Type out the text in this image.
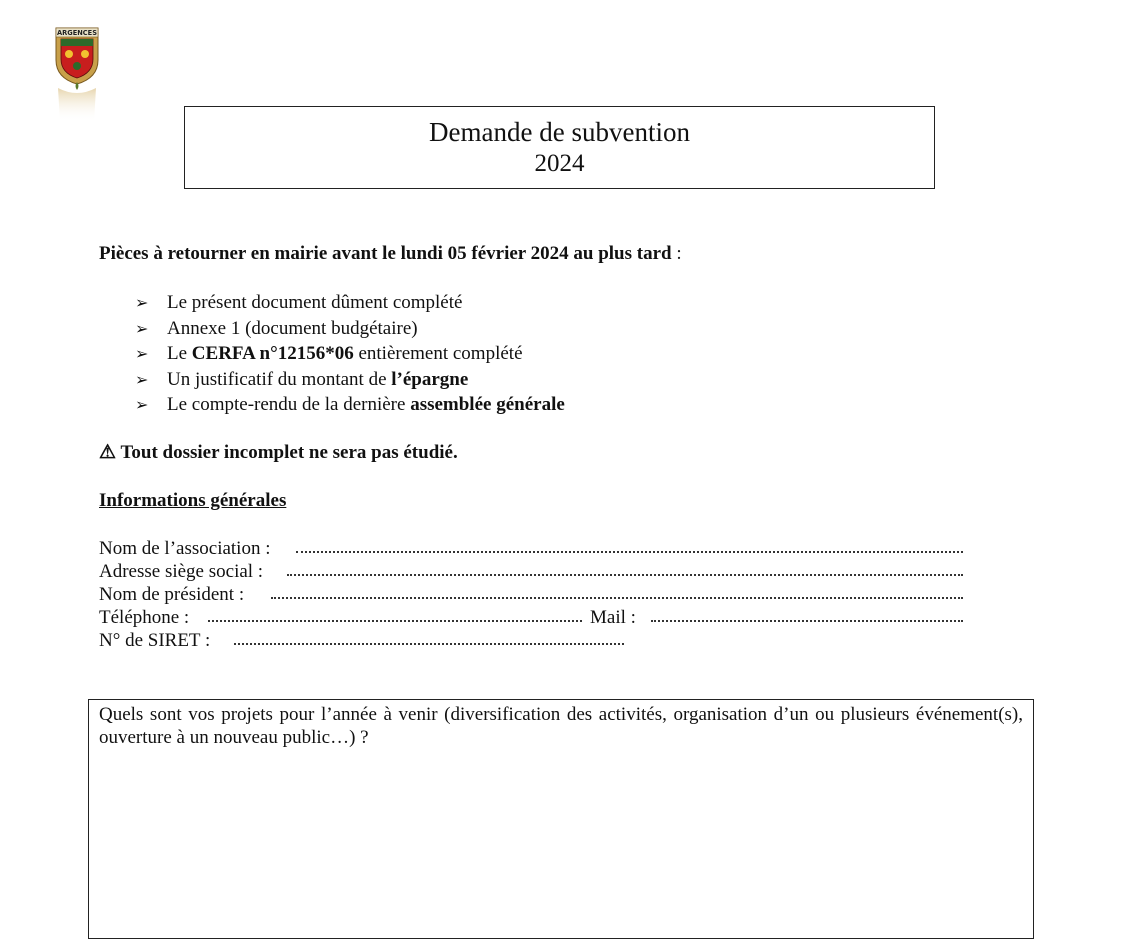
ARGENCES
Demande de subvention
2024
Pièces à retourner en mairie avant le lundi 05 février 2024 au plus tard :
➢ Le présent document dûment complété
➢ Annexe 1 (document budgétaire)
➢ Le CERFA n°12156*06 entièrement complété
➢ Un justificatif du montant de l’épargne
➢ Le compte-rendu de la dernière assemblée générale
⚠ Tout dossier incomplet ne sera pas étudié.
Informations générales
Nom de l’association :
Adresse siège social :
Nom de président :
Téléphone :	Mail :
N° de SIRET :
Quels sont vos projets pour l’année à venir (diversification des activités, organisation d’un ou plusieurs événement(s), ouverture à un nouveau public…) ?
